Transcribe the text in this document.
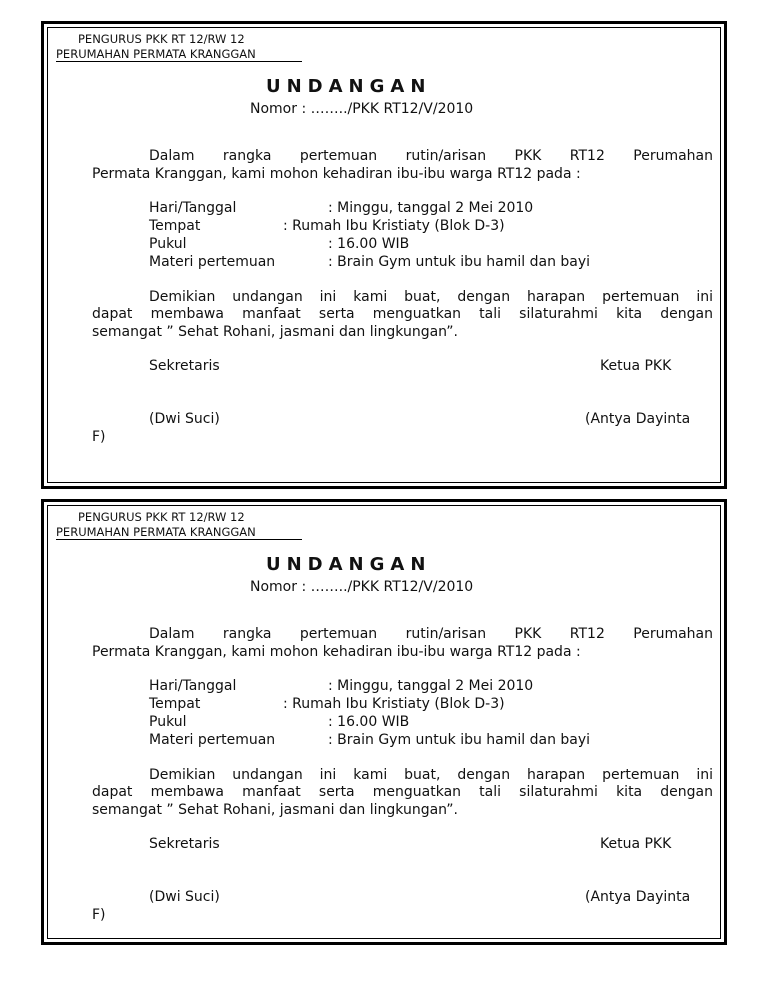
PENGURUS PKK RT 12/RW 12
PERUMAHAN PERMATA KRANGGAN
UNDANGAN
Nomor : ……../PKK RT12/V/2010
Dalam rangka pertemuan rutin/arisan PKK RT12 Perumahan
Permata Kranggan, kami mohon kehadiran ibu-ibu warga RT12 pada :
Hari/Tanggal	: Minggu, tanggal 2 Mei 2010
Tempat	: Rumah Ibu Kristiaty (Blok D-3)
Pukul	: 16.00 WIB
Materi pertemuan	: Brain Gym untuk ibu hamil dan bayi
Demikian undangan ini kami buat, dengan harapan pertemuan ini
dapat membawa manfaat serta menguatkan tali silaturahmi kita dengan
semangat ” Sehat Rohani, jasmani dan lingkungan”.
Sekretaris	Ketua PKK
(Dwi Suci)	(Antya Dayinta
F)
PENGURUS PKK RT 12/RW 12
PERUMAHAN PERMATA KRANGGAN
UNDANGAN
Nomor : ……../PKK RT12/V/2010
Dalam rangka pertemuan rutin/arisan PKK RT12 Perumahan
Permata Kranggan, kami mohon kehadiran ibu-ibu warga RT12 pada :
Hari/Tanggal	: Minggu, tanggal 2 Mei 2010
Tempat	: Rumah Ibu Kristiaty (Blok D-3)
Pukul	: 16.00 WIB
Materi pertemuan	: Brain Gym untuk ibu hamil dan bayi
Demikian undangan ini kami buat, dengan harapan pertemuan ini
dapat membawa manfaat serta menguatkan tali silaturahmi kita dengan
semangat ” Sehat Rohani, jasmani dan lingkungan”.
Sekretaris	Ketua PKK
(Dwi Suci)	(Antya Dayinta
F)
